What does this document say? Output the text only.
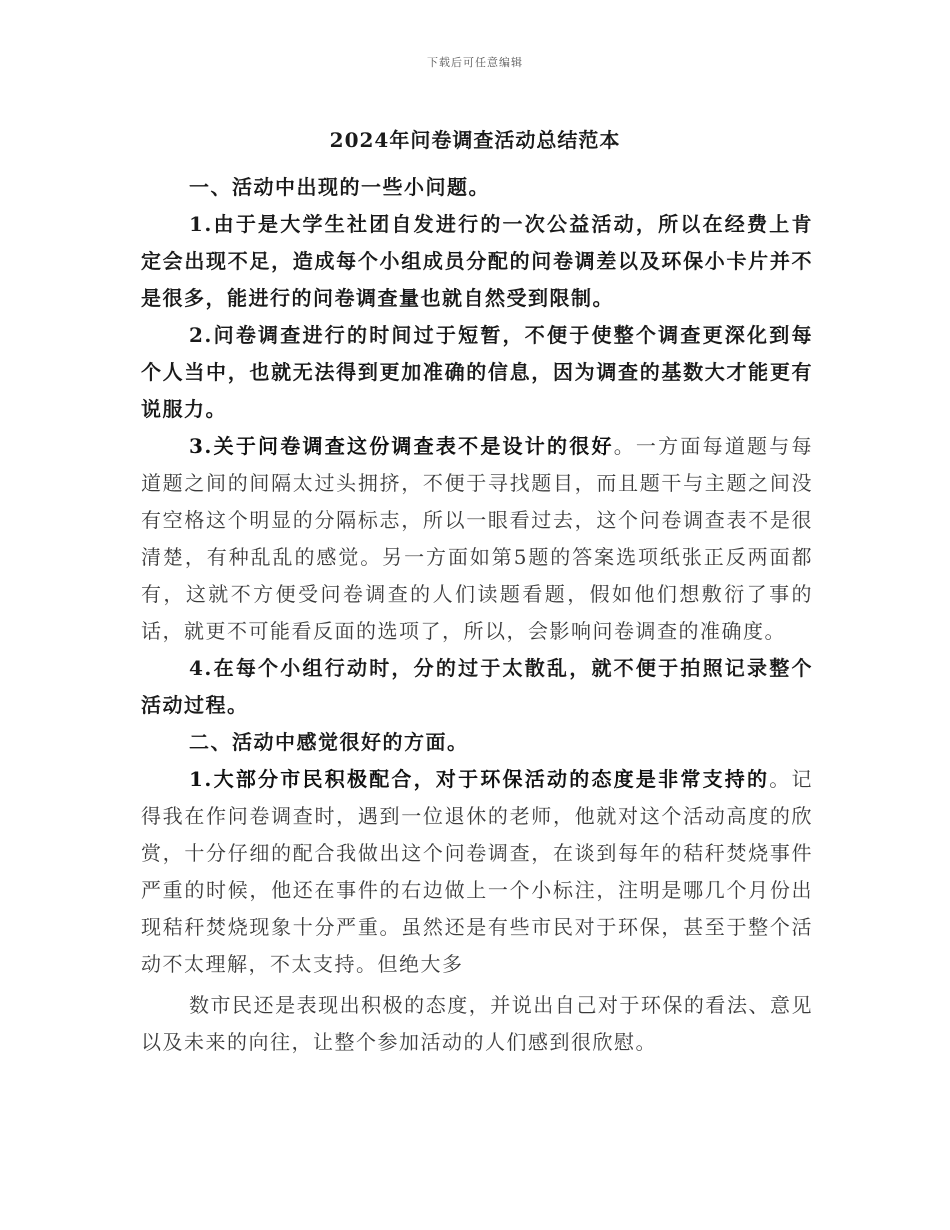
下载后可任意编辑
2024年问卷调查活动总结范本

一、活动中出现的一些小问题。

1.由于是大学生社团自发进行的一次公益活动，所以在经费上肯定会出现不足，造成每个小组成员分配的问卷调差以及环保小卡片并不是很多，能进行的问卷调查量也就自然受到限制。

2.问卷调查进行的时间过于短暂，不便于使整个调查更深化到每个人当中，也就无法得到更加准确的信息，因为调查的基数大才能更有说服力。

3.关于问卷调查这份调查表不是设计的很好。一方面每道题与每道题之间的间隔太过头拥挤，不便于寻找题目，而且题干与主题之间没有空格这个明显的分隔标志，所以一眼看过去，这个问卷调查表不是很清楚，有种乱乱的感觉。另一方面如第5题的答案选项纸张正反两面都有，这就不方便受问卷调查的人们读题看题，假如他们想敷衍了事的话，就更不可能看反面的选项了，所以，会影响问卷调查的准确度。

4.在每个小组行动时，分的过于太散乱，就不便于拍照记录整个活动过程。

二、活动中感觉很好的方面。

1.大部分市民积极配合，对于环保活动的态度是非常支持的。记得我在作问卷调查时，遇到一位退休的老师，他就对这个活动高度的欣赏，十分仔细的配合我做出这个问卷调查，在谈到每年的秸秆焚烧事件严重的时候，他还在事件的右边做上一个小标注，注明是哪几个月份出现秸秆焚烧现象十分严重。虽然还是有些市民对于环保，甚至于整个活动不太理解，不太支持。但绝大多

数市民还是表现出积极的态度，并说出自己对于环保的看法、意见以及未来的向往，让整个参加活动的人们感到很欣慰。
